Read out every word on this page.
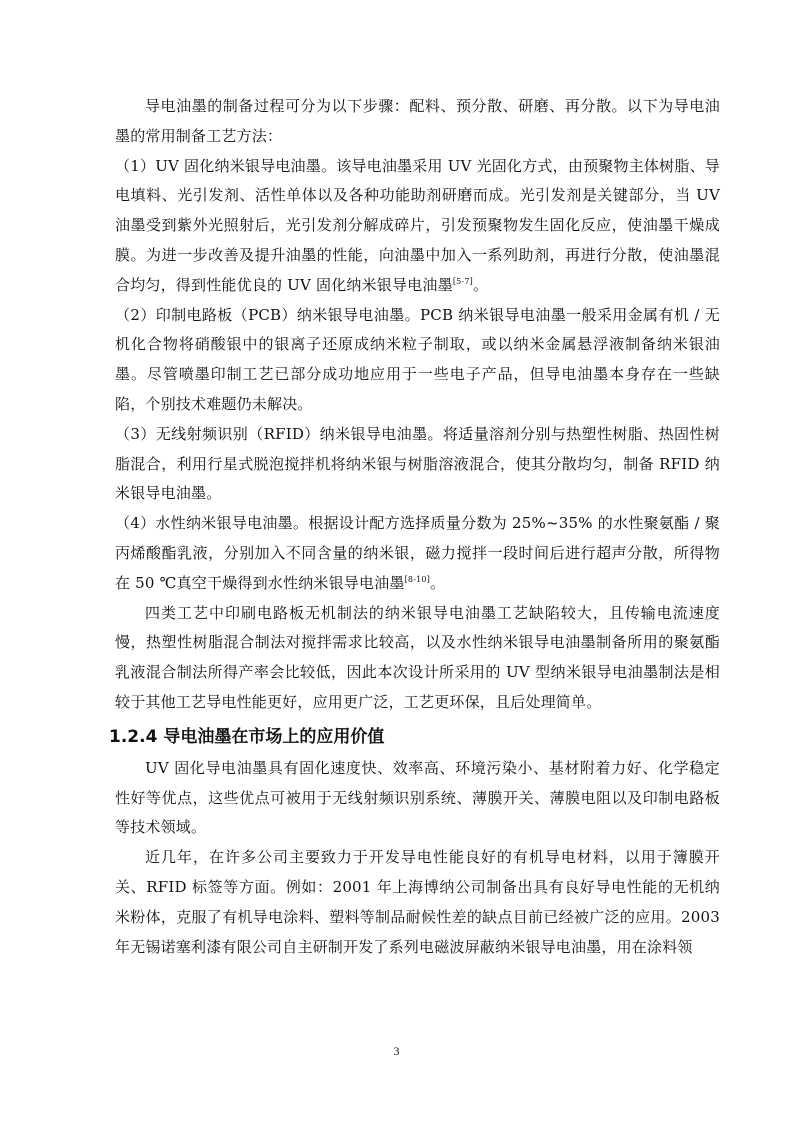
导电油墨的制备过程可分为以下步骤：配料、预分散、研磨、再分散。以下为导电油墨的常用制备工艺方法：

（1）UV 固化纳米银导电油墨。该导电油墨采用 UV 光固化方式，由预聚物主体树脂、导电填料、光引发剂、活性单体以及各种功能助剂研磨而成。光引发剂是关键部分，当 UV 油墨受到紫外光照射后，光引发剂分解成碎片，引发预聚物发生固化反应，使油墨干燥成膜。为进一步改善及提升油墨的性能，向油墨中加入一系列助剂，再进行分散，使油墨混合均匀，得到性能优良的 UV 固化纳米银导电油墨[5-7]。

（2）印制电路板（PCB）纳米银导电油墨。PCB 纳米银导电油墨一般采用金属有机 / 无机化合物将硝酸银中的银离子还原成纳米粒子制取，或以纳米金属悬浮液制备纳米银油墨。尽管喷墨印制工艺已部分成功地应用于一些电子产品，但导电油墨本身存在一些缺陷，个别技术难题仍未解决。

（3）无线射频识别（RFID）纳米银导电油墨。将适量溶剂分别与热塑性树脂、热固性树脂混合，利用行星式脱泡搅拌机将纳米银与树脂溶液混合，使其分散均匀，制备 RFID 纳米银导电油墨。

（4）水性纳米银导电油墨。根据设计配方选择质量分数为 25%~35% 的水性聚氨酯 / 聚丙烯酸酯乳液，分别加入不同含量的纳米银，磁力搅拌一段时间后进行超声分散，所得物在 50 ℃真空干燥得到水性纳米银导电油墨[8-10]。

四类工艺中印刷电路板无机制法的纳米银导电油墨工艺缺陷较大，且传输电流速度慢，热塑性树脂混合制法对搅拌需求比较高，以及水性纳米银导电油墨制备所用的聚氨酯乳液混合制法所得产率会比较低，因此本次设计所采用的 UV 型纳米银导电油墨制法是相较于其他工艺导电性能更好，应用更广泛，工艺更环保，且后处理简单。

1.2.4 导电油墨在市场上的应用价值

UV 固化导电油墨具有固化速度快、效率高、环境污染小、基材附着力好、化学稳定性好等优点，这些优点可被用于无线射频识别系统、薄膜开关、薄膜电阻以及印制电路板等技术领域。

近几年，在许多公司主要致力于开发导电性能良好的有机导电材料，以用于簿膜开关、RFID 标签等方面。例如：2001 年上海博纳公司制备出具有良好导电性能的无机纳米粉体，克服了有机导电涂料、塑料等制品耐候性差的缺点目前已经被广泛的应用。2003 年无锡诺塞利漆有限公司自主研制开发了系列电磁波屏蔽纳米银导电油墨，用在涂料领

3
